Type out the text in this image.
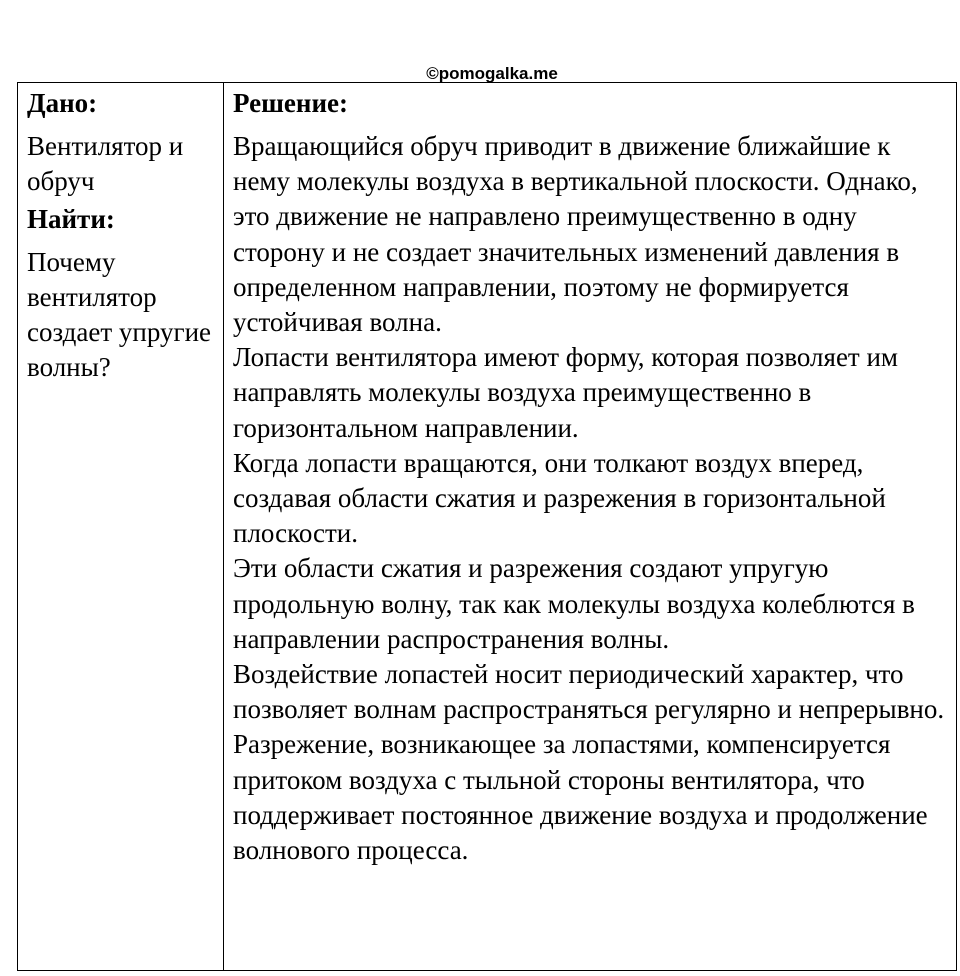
©pomogalka.me

Дано:

Вентилятор и обруч

Найти:

Почему вентилятор создает упругие волны?

Решение:

Вращающийся обруч приводит в движение ближайшие к нему молекулы воздуха в вертикальной плоскости. Однако, это движение не направлено преимущественно в одну сторону и не создает значительных изменений давления в определенном направлении, поэтому не формируется устойчивая волна.

Лопасти вентилятора имеют форму, которая позволяет им направлять молекулы воздуха преимущественно в горизонтальном направлении.

Когда лопасти вращаются, они толкают воздух вперед, создавая области сжатия и разрежения в горизонтальной плоскости.

Эти области сжатия и разрежения создают упругую продольную волну, так как молекулы воздуха колеблются в направлении распространения волны.

Воздействие лопастей носит периодический характер, что позволяет волнам распространяться регулярно и непрерывно.

Разрежение, возникающее за лопастями, компенсируется притоком воздуха с тыльной стороны вентилятора, что поддерживает постоянное движение воздуха и продолжение волнового процесса.
